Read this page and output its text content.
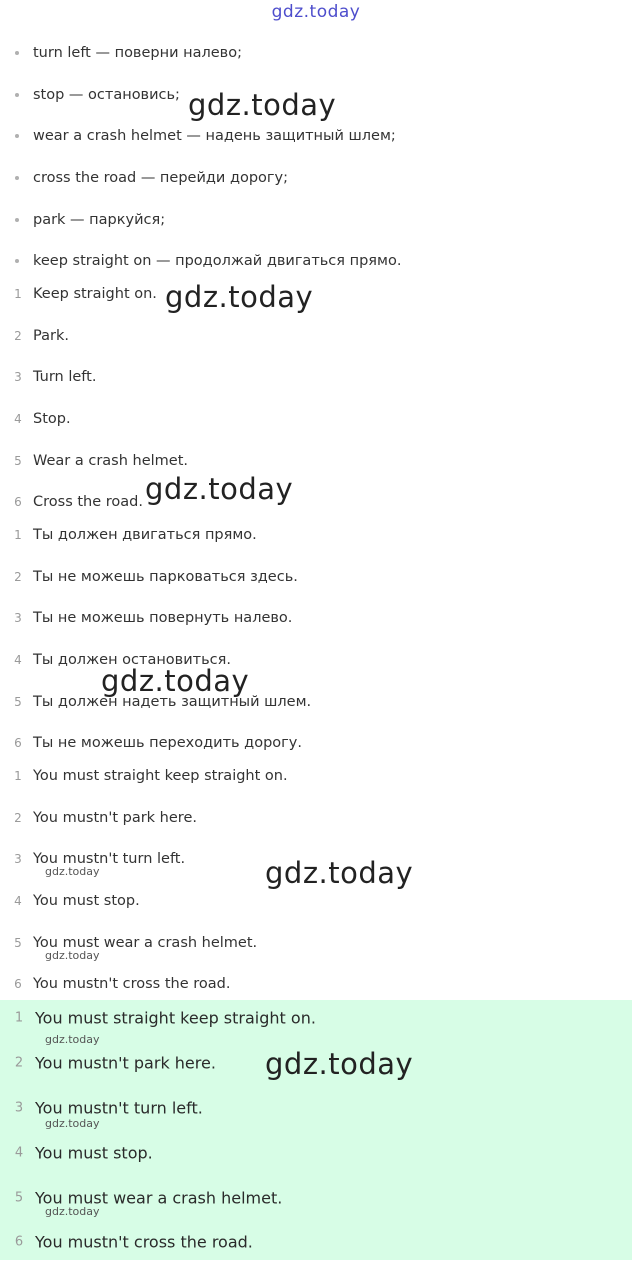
gdz.today
turn left — поверни налево;
stop — остановись;
wear a crash helmet — надень защитный шлем;
cross the road — перейди дорогу;
park — паркуйся;
keep straight on — продолжай двигаться прямо.
1 Keep straight on.
2 Park.
3 Turn left.
4 Stop.
5 Wear a crash helmet.
6 Cross the road.
1 Ты должен двигаться прямо.
2 Ты не можешь парковаться здесь.
3 Ты не можешь повернуть налево.
4 Ты должен остановиться.
5 Ты должен надеть защитный шлем.
6 Ты не можешь переходить дорогу.
1 You must straight keep straight on.
2 You mustn't park here.
3 You mustn't turn left.
4 You must stop.
5 You must wear a crash helmet.
6 You mustn't cross the road.
1 You must straight keep straight on.
2 You mustn't park here.
3 You mustn't turn left.
4 You must stop.
5 You must wear a crash helmet.
6 You mustn't cross the road.
gdz.today
gdz.today
gdz.today
gdz.today
gdz.today
gdz.today
gdz.today
gdz.today
gdz.today
gdz.today
gdz.today
